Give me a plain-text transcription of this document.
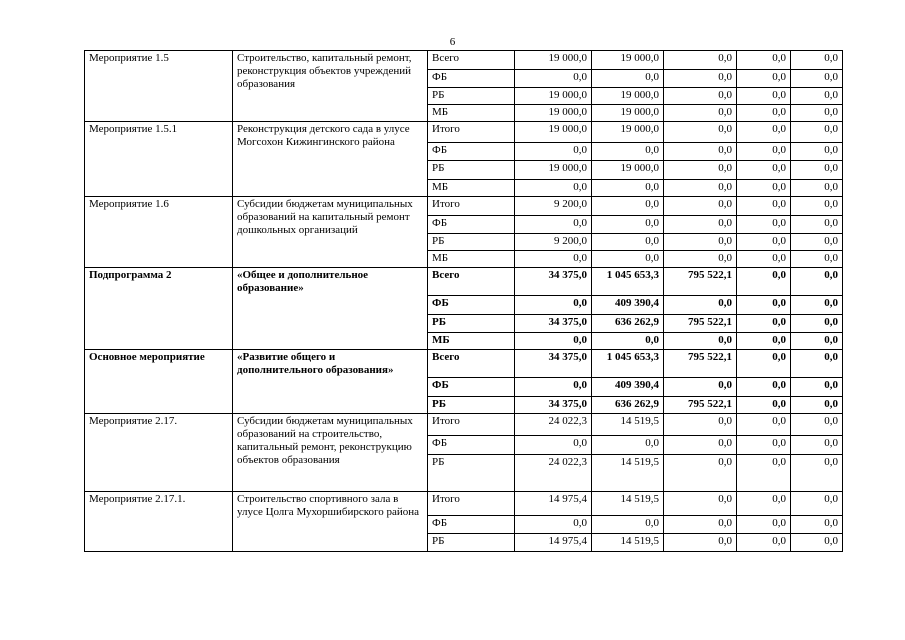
6
Мероприятие 1.5	Строительство, капитальный ремонт, реконструкция объектов учреждений образования	Всего	19 000,0	19 000,0	0,0	0,0	0,0
		ФБ	0,0	0,0	0,0	0,0	0,0
		РБ	19 000,0	19 000,0	0,0	0,0	0,0
		МБ	19 000,0	19 000,0	0,0	0,0	0,0
Мероприятие 1.5.1	Реконструкция детского сада в улусе Могсохон Кижингинского района	Итого	19 000,0	19 000,0	0,0	0,0	0,0
		ФБ	0,0	0,0	0,0	0,0	0,0
		РБ	19 000,0	19 000,0	0,0	0,0	0,0
		МБ	0,0	0,0	0,0	0,0	0,0
Мероприятие 1.6	Субсидии бюджетам муниципальных образований на капитальный ремонт дошкольных организаций	Итого	9 200,0	0,0	0,0	0,0	0,0
		ФБ	0,0	0,0	0,0	0,0	0,0
		РБ	9 200,0	0,0	0,0	0,0	0,0
		МБ	0,0	0,0	0,0	0,0	0,0
Подпрограмма 2	«Общее и дополнительное образование»	Всего	34 375,0	1 045 653,3	795 522,1	0,0	0,0
		ФБ	0,0	409 390,4	0,0	0,0	0,0
		РБ	34 375,0	636 262,9	795 522,1	0,0	0,0
		МБ	0,0	0,0	0,0	0,0	0,0
Основное мероприятие	«Развитие общего и дополнительного образования»	Всего	34 375,0	1 045 653,3	795 522,1	0,0	0,0
		ФБ	0,0	409 390,4	0,0	0,0	0,0
		РБ	34 375,0	636 262,9	795 522,1	0,0	0,0
Мероприятие 2.17.	Субсидии бюджетам муниципальных образований на строительство, капитальный ремонт, реконструкцию объектов образования	Итого	24 022,3	14 519,5	0,0	0,0	0,0
		ФБ	0,0	0,0	0,0	0,0	0,0
		РБ	24 022,3	14 519,5	0,0	0,0	0,0
Мероприятие 2.17.1.	Строительство спортивного зала в улусе Цолга Мухоршибирского района	Итого	14 975,4	14 519,5	0,0	0,0	0,0
		ФБ	0,0	0,0	0,0	0,0	0,0
		РБ	14 975,4	14 519,5	0,0	0,0	0,0
